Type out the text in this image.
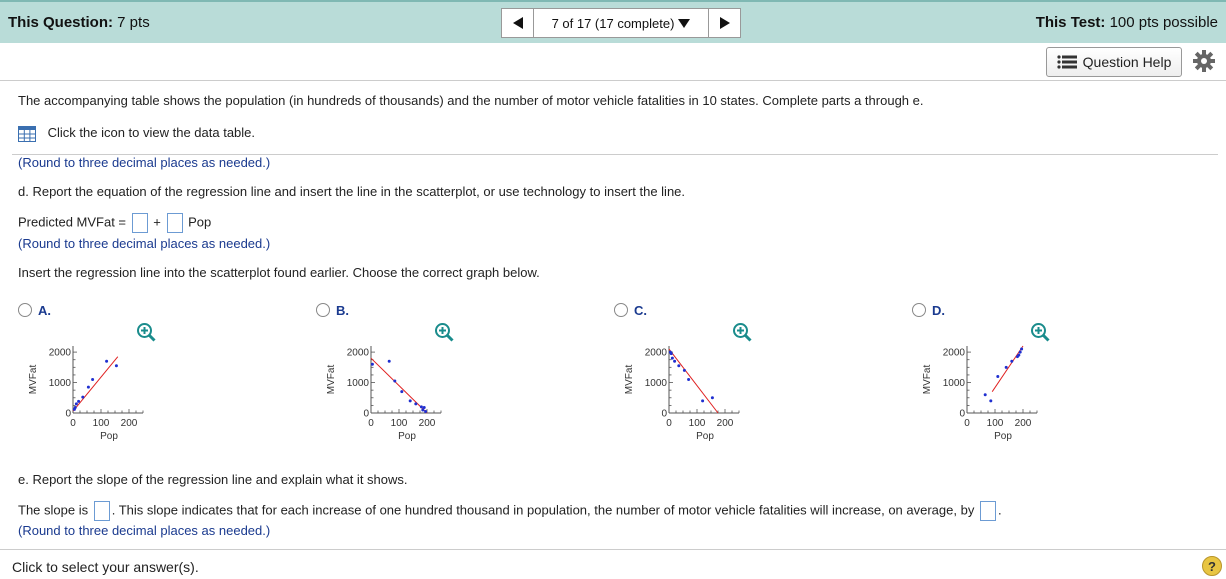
This Question: 7 pts	7 of 17 (17 complete)	This Test: 100 pts possible
Question Help
The accompanying table shows the population (in hundreds of thousands) and the number of motor vehicle fatalities in 10 states. Complete parts a through e.
Click the icon to view the data table.
(Round to three decimal places as needed.)
d. Report the equation of the regression line and insert the line in the scatterplot, or use technology to insert the line.
Predicted MVFat = + Pop
(Round to three decimal places as needed.)
Insert the regression line into the scatterplot found earlier. Choose the correct graph below.
A.
0 100 200
0
1000
2000
Pop
MVFat
B.
0 100 200
0
1000
2000
Pop
MVFat
C.
0 100 200
0
1000
2000
Pop
MVFat
D.
0 100 200
0
1000
2000
Pop
MVFat
e. Report the slope of the regression line and explain what it shows.
The slope is . This slope indicates that for each increase of one hundred thousand in population, the number of motor vehicle fatalities will increase, on average, by .
(Round to three decimal places as needed.)
Click to select your answer(s).	?
